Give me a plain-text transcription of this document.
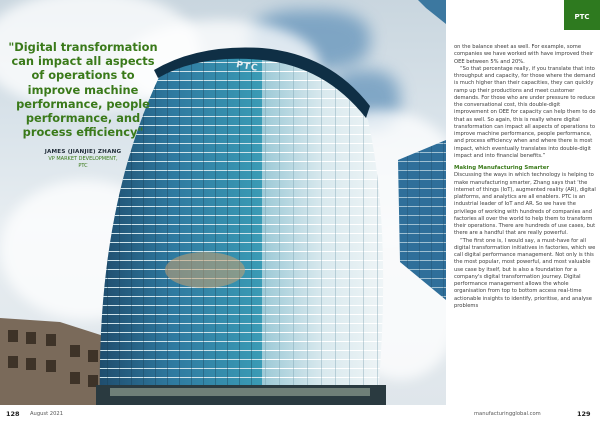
PTC
"Digital transformation can impact all aspects of operations to improve machine performance, people performance, and process efficiency"
JAMES (JIANJIE) ZHANG
VP MARKET DEVELOPMENT,
PTC
PTC

on the balance sheet as well. For example, some companies we have worked with have improved their OEE between 5% and 20%.

“So that percentage really, if you translate that into throughput and capacity, for those where the demand is much higher than their capacities, they can quickly ramp up their productions and meet customer demands. For those who are under pressure to reduce the conversational cost, this double-digit improvement on OEE for capacity can help them to do that as well. So again, this is really where digital transformation can impact all aspects of operations to improve machine performance, people performance, and process efficiency when and where there is most impact, which eventually translates into double-digit impact and into financial benefits.”

Making Manufacturing Smarter

Discussing the ways in which technology is helping to make manufacturing smarter, Zhang says that ‘the internet of things (IoT), augmented reality (AR), digital platforms, and analytics are all enablers. PTC is an industrial leader of IoT and AR. So we have the privilege of working with hundreds of companies and factories all over the world to help them to transform their operations. There are hundreds of use cases, but there are a handful that are really powerful.

“The first one is, I would say, a must-have for all digital transformation initiatives in factories, which we call digital performance management. Not only is this the most popular, most powerful, and most valuable use case by itself, but is also a foundation for a company's digital transformation journey. Digital performance management allows the whole organisation from top to bottom access real-time actionable insights to identify, prioritise, and analyse problems

128 August 2021	manufacturingglobal.com	129
